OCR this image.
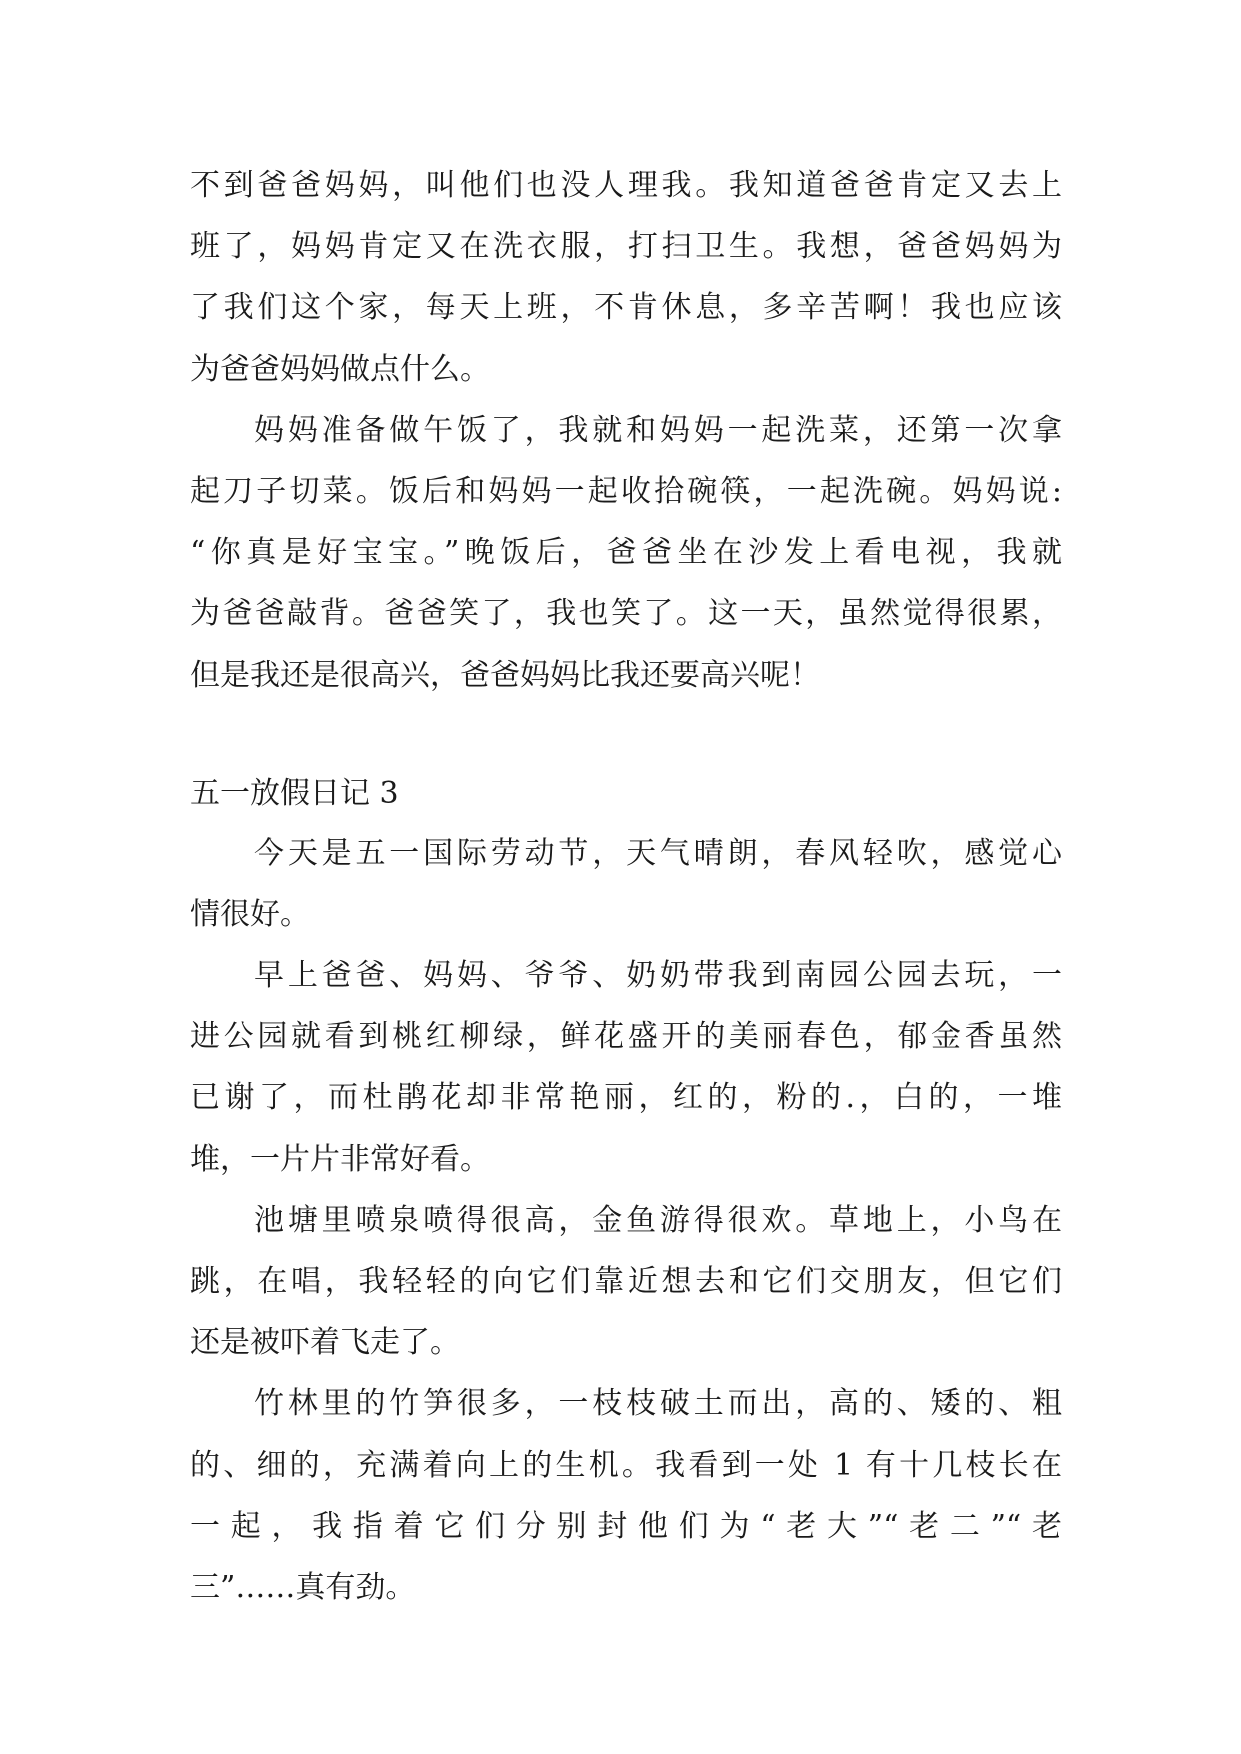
不到爸爸妈妈，叫他们也没人理我。我知道爸爸肯定又去上
班了，妈妈肯定又在洗衣服，打扫卫生。我想，爸爸妈妈为
了我们这个家，每天上班，不肯休息，多辛苦啊！我也应该
为爸爸妈妈做点什么。
妈妈准备做午饭了，我就和妈妈一起洗菜，还第一次拿
起刀子切菜。饭后和妈妈一起收拾碗筷，一起洗碗。妈妈说:
“你真是好宝宝。”晚饭后，爸爸坐在沙发上看电视，我就
为爸爸敲背。爸爸笑了，我也笑了。这一天，虽然觉得很累，
但是我还是很高兴，爸爸妈妈比我还要高兴呢！
五一放假日记 3
今天是五一国际劳动节，天气晴朗，春风轻吹，感觉心
情很好。
早上爸爸、妈妈、爷爷、奶奶带我到南园公园去玩，一
进公园就看到桃红柳绿，鲜花盛开的美丽春色，郁金香虽然
已谢了，而杜鹃花却非常艳丽，红的，粉的.，白的，一堆
堆，一片片非常好看。
池塘里喷泉喷得很高，金鱼游得很欢。草地上，小鸟在
跳，在唱，我轻轻的向它们靠近想去和它们交朋友，但它们
还是被吓着飞走了。
竹林里的竹笋很多，一枝枝破土而出，高的、矮的、粗
的、细的，充满着向上的生机。我看到一处 1 有十几枝长在
一起，我指着它们分别封他们为“老大”“老二”“老
三”……真有劲。
